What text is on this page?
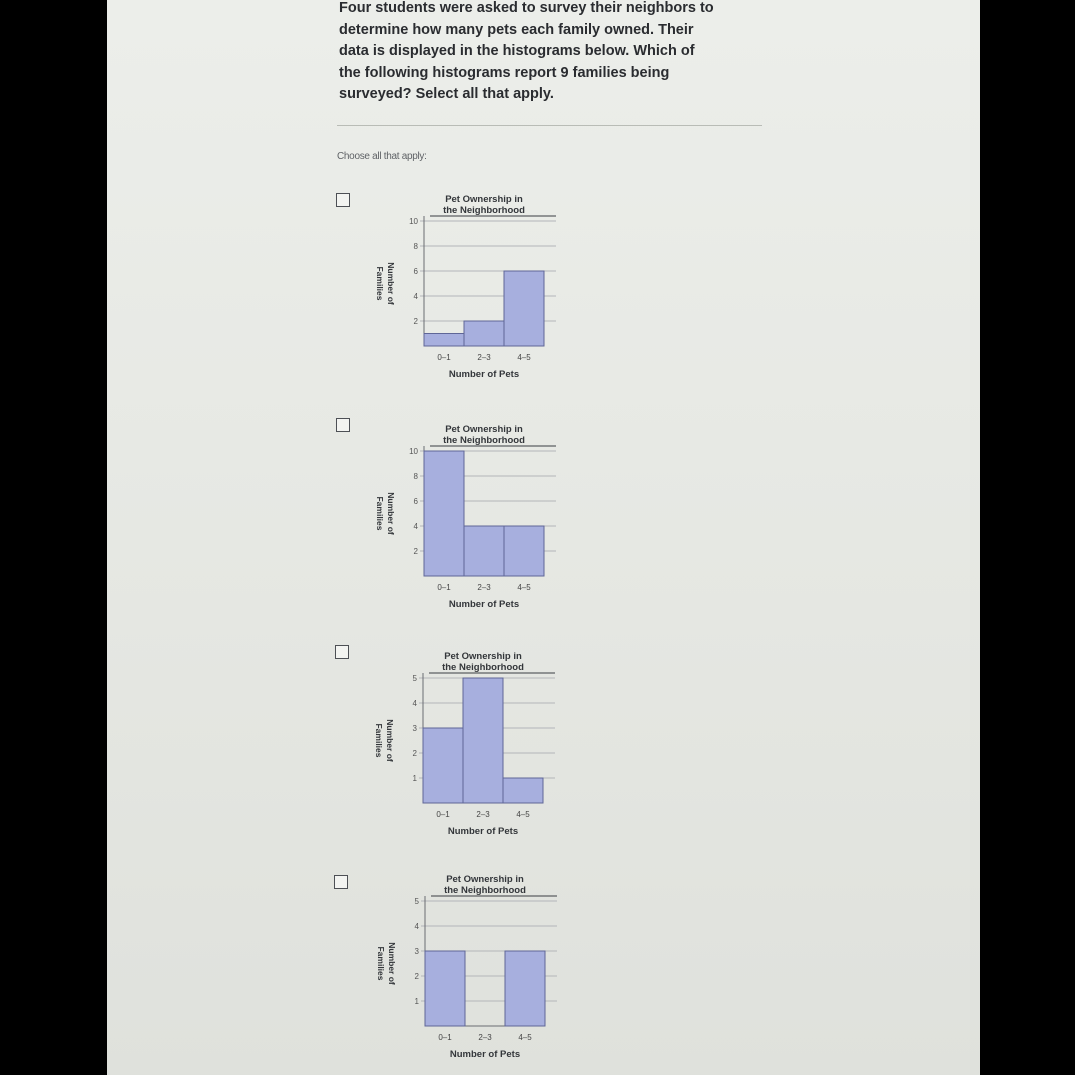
Four students were asked to survey their neighbors to
determine how many pets each family owned. Their
data is displayed in the histograms below. Which of
the following histograms report 9 families being
surveyed? Select all that apply.

Choose all that apply:
Pet Ownership in
the Neighborhood
2
4
6
8
10
0–1	2–3	4–5
Number of Pets
Number of
Families
Pet Ownership in
the Neighborhood
2
4
6
8
10
0–1	2–3	4–5
Number of Pets
Number of
Families
Pet Ownership in
the Neighborhood
1
2
3
4
5
0–1	2–3	4–5
Number of Pets
Number of
Families
Pet Ownership in
the Neighborhood
1
2
3
4
5
0–1	2–3	4–5
Number of Pets
Number of
Families
